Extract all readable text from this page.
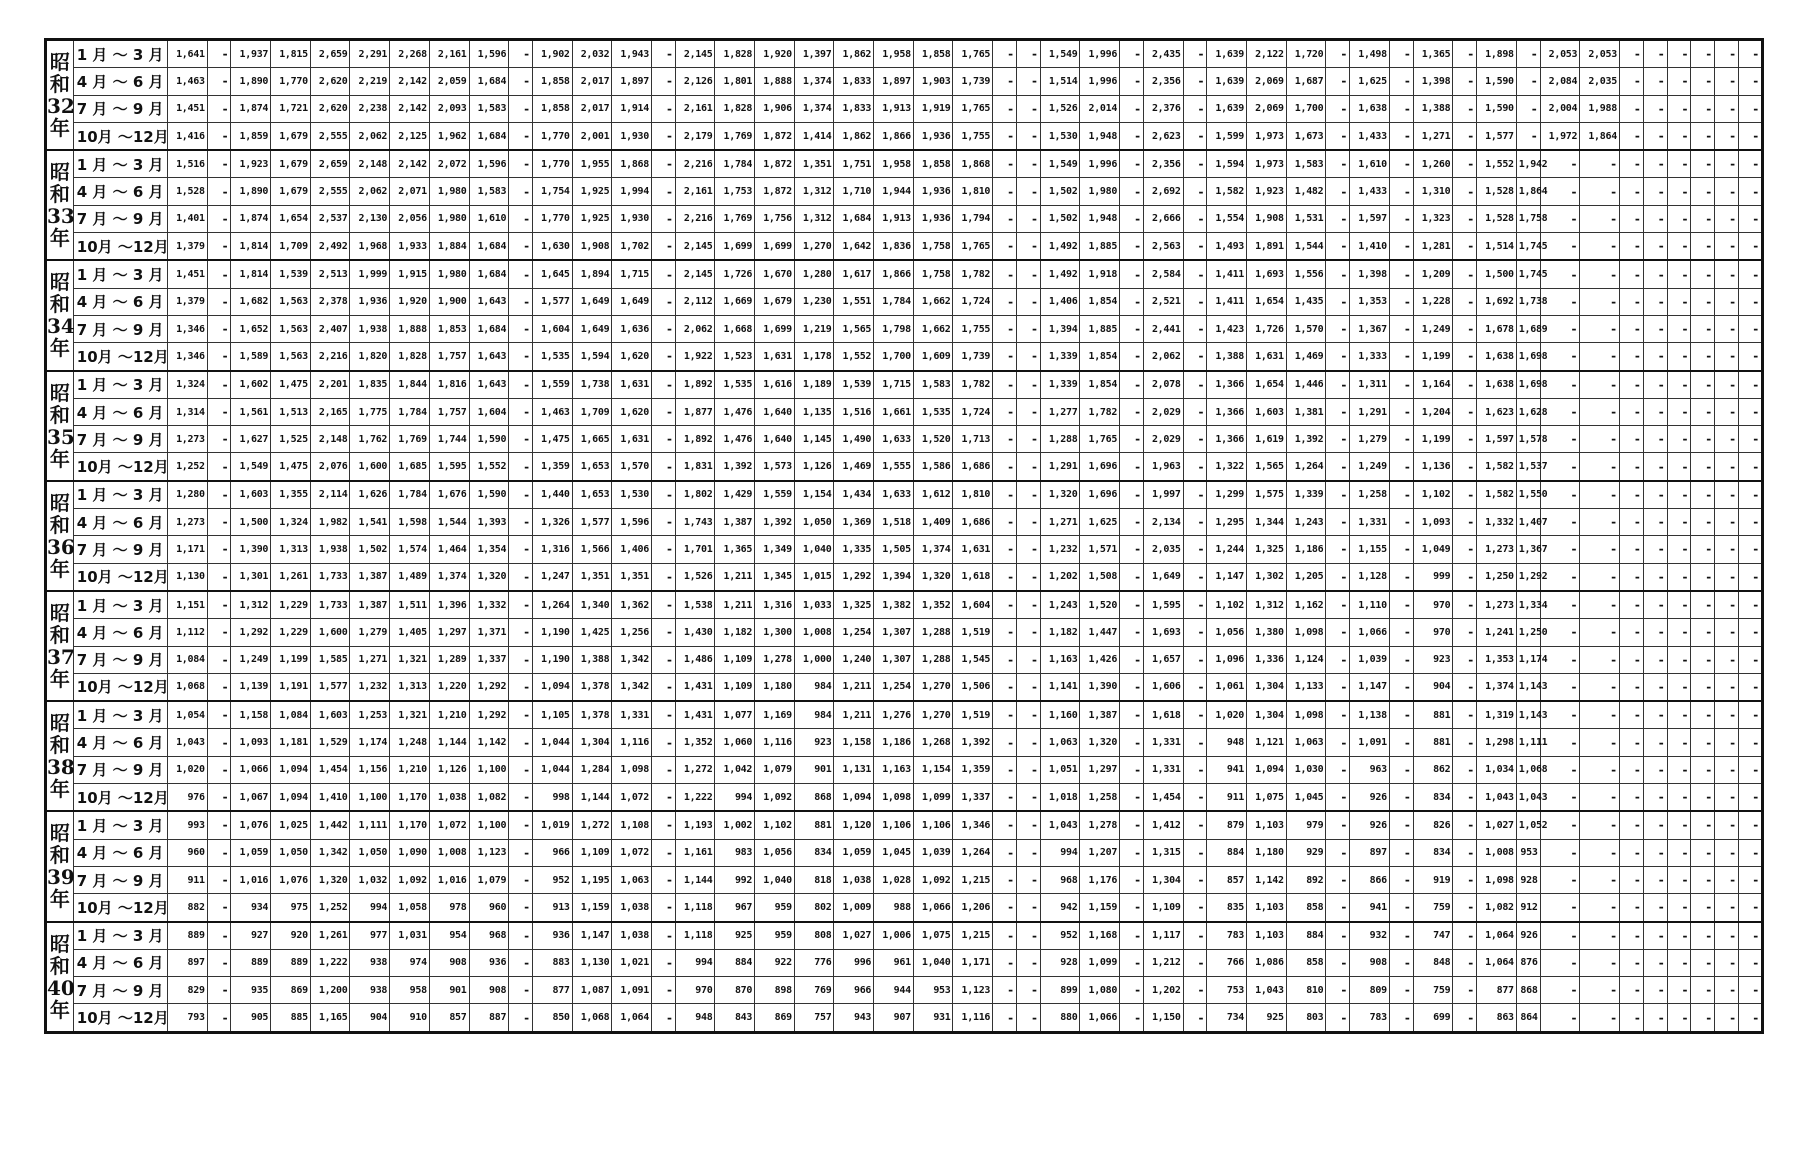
昭
和
32
年	1 月 ～ 3 月	1,641	-	1,937	1,815	2,659	2,291	2,268	2,161	1,596	-	1,902	2,032	1,943	-	2,145	1,828	1,920	1,397	1,862	1,958	1,858	1,765	-	-	1,549	1,996	-	2,435	-	1,639	2,122	1,720	-	1,498	-	1,365	-	1,898	-	2,053	2,053	-	-	-	-	-	-
	4 月 ～ 6 月	1,463	-	1,890	1,770	2,620	2,219	2,142	2,059	1,684	-	1,858	2,017	1,897	-	2,126	1,801	1,888	1,374	1,833	1,897	1,903	1,739	-	-	1,514	1,996	-	2,356	-	1,639	2,069	1,687	-	1,625	-	1,398	-	1,590	-	2,084	2,035	-	-	-	-	-	-
	7 月 ～ 9 月	1,451	-	1,874	1,721	2,620	2,238	2,142	2,093	1,583	-	1,858	2,017	1,914	-	2,161	1,828	1,906	1,374	1,833	1,913	1,919	1,765	-	-	1,526	2,014	-	2,376	-	1,639	2,069	1,700	-	1,638	-	1,388	-	1,590	-	2,004	1,988	-	-	-	-	-	-
	10月 ～12月	1,416	-	1,859	1,679	2,555	2,062	2,125	1,962	1,684	-	1,770	2,001	1,930	-	2,179	1,769	1,872	1,414	1,862	1,866	1,936	1,755	-	-	1,530	1,948	-	2,623	-	1,599	1,973	1,673	-	1,433	-	1,271	-	1,577	-	1,972	1,864	-	-	-	-	-	-

昭
和
33
年	1 月 ～ 3 月	1,516	-	1,923	1,679	2,659	2,148	2,142	2,072	1,596	-	1,770	1,955	1,868	-	2,216	1,784	1,872	1,351	1,751	1,958	1,858	1,868	-	-	1,549	1,996	-	2,356	-	1,594	1,973	1,583	-	1,610	-	1,260	-	1,552	1,942	-	-	-	-	-	-	-	-
	4 月 ～ 6 月	1,528	-	1,890	1,679	2,555	2,062	2,071	1,980	1,583	-	1,754	1,925	1,994	-	2,161	1,753	1,872	1,312	1,710	1,944	1,936	1,810	-	-	1,502	1,980	-	2,692	-	1,582	1,923	1,482	-	1,433	-	1,310	-	1,528	1,864	-	-	-	-	-	-	-	-
	7 月 ～ 9 月	1,401	-	1,874	1,654	2,537	2,130	2,056	1,980	1,610	-	1,770	1,925	1,930	-	2,216	1,769	1,756	1,312	1,684	1,913	1,936	1,794	-	-	1,502	1,948	-	2,666	-	1,554	1,908	1,531	-	1,597	-	1,323	-	1,528	1,758	-	-	-	-	-	-	-	-
	10月 ～12月	1,379	-	1,814	1,709	2,492	1,968	1,933	1,884	1,684	-	1,630	1,908	1,702	-	2,145	1,699	1,699	1,270	1,642	1,836	1,758	1,765	-	-	1,492	1,885	-	2,563	-	1,493	1,891	1,544	-	1,410	-	1,281	-	1,514	1,745	-	-	-	-	-	-	-	-

昭
和
34
年	1 月 ～ 3 月	1,451	-	1,814	1,539	2,513	1,999	1,915	1,980	1,684	-	1,645	1,894	1,715	-	2,145	1,726	1,670	1,280	1,617	1,866	1,758	1,782	-	-	1,492	1,918	-	2,584	-	1,411	1,693	1,556	-	1,398	-	1,209	-	1,500	1,745	-	-	-	-	-	-	-	-
	4 月 ～ 6 月	1,379	-	1,682	1,563	2,378	1,936	1,920	1,900	1,643	-	1,577	1,649	1,649	-	2,112	1,669	1,679	1,230	1,551	1,784	1,662	1,724	-	-	1,406	1,854	-	2,521	-	1,411	1,654	1,435	-	1,353	-	1,228	-	1,692	1,738	-	-	-	-	-	-	-	-
	7 月 ～ 9 月	1,346	-	1,652	1,563	2,407	1,938	1,888	1,853	1,684	-	1,604	1,649	1,636	-	2,062	1,668	1,699	1,219	1,565	1,798	1,662	1,755	-	-	1,394	1,885	-	2,441	-	1,423	1,726	1,570	-	1,367	-	1,249	-	1,678	1,689	-	-	-	-	-	-	-	-
	10月 ～12月	1,346	-	1,589	1,563	2,216	1,820	1,828	1,757	1,643	-	1,535	1,594	1,620	-	1,922	1,523	1,631	1,178	1,552	1,700	1,609	1,739	-	-	1,339	1,854	-	2,062	-	1,388	1,631	1,469	-	1,333	-	1,199	-	1,638	1,698	-	-	-	-	-	-	-	-

昭
和
35
年	1 月 ～ 3 月	1,324	-	1,602	1,475	2,201	1,835	1,844	1,816	1,643	-	1,559	1,738	1,631	-	1,892	1,535	1,616	1,189	1,539	1,715	1,583	1,782	-	-	1,339	1,854	-	2,078	-	1,366	1,654	1,446	-	1,311	-	1,164	-	1,638	1,698	-	-	-	-	-	-	-	-
	4 月 ～ 6 月	1,314	-	1,561	1,513	2,165	1,775	1,784	1,757	1,604	-	1,463	1,709	1,620	-	1,877	1,476	1,640	1,135	1,516	1,661	1,535	1,724	-	-	1,277	1,782	-	2,029	-	1,366	1,603	1,381	-	1,291	-	1,204	-	1,623	1,628	-	-	-	-	-	-	-	-
	7 月 ～ 9 月	1,273	-	1,627	1,525	2,148	1,762	1,769	1,744	1,590	-	1,475	1,665	1,631	-	1,892	1,476	1,640	1,145	1,490	1,633	1,520	1,713	-	-	1,288	1,765	-	2,029	-	1,366	1,619	1,392	-	1,279	-	1,199	-	1,597	1,578	-	-	-	-	-	-	-	-
	10月 ～12月	1,252	-	1,549	1,475	2,076	1,600	1,685	1,595	1,552	-	1,359	1,653	1,570	-	1,831	1,392	1,573	1,126	1,469	1,555	1,586	1,686	-	-	1,291	1,696	-	1,963	-	1,322	1,565	1,264	-	1,249	-	1,136	-	1,582	1,537	-	-	-	-	-	-	-	-

昭
和
36
年	1 月 ～ 3 月	1,280	-	1,603	1,355	2,114	1,626	1,784	1,676	1,590	-	1,440	1,653	1,530	-	1,802	1,429	1,559	1,154	1,434	1,633	1,612	1,810	-	-	1,320	1,696	-	1,997	-	1,299	1,575	1,339	-	1,258	-	1,102	-	1,582	1,550	-	-	-	-	-	-	-	-
	4 月 ～ 6 月	1,273	-	1,500	1,324	1,982	1,541	1,598	1,544	1,393	-	1,326	1,577	1,596	-	1,743	1,387	1,392	1,050	1,369	1,518	1,409	1,686	-	-	1,271	1,625	-	2,134	-	1,295	1,344	1,243	-	1,331	-	1,093	-	1,332	1,407	-	-	-	-	-	-	-	-
	7 月 ～ 9 月	1,171	-	1,390	1,313	1,938	1,502	1,574	1,464	1,354	-	1,316	1,566	1,406	-	1,701	1,365	1,349	1,040	1,335	1,505	1,374	1,631	-	-	1,232	1,571	-	2,035	-	1,244	1,325	1,186	-	1,155	-	1,049	-	1,273	1,367	-	-	-	-	-	-	-	-
	10月 ～12月	1,130	-	1,301	1,261	1,733	1,387	1,489	1,374	1,320	-	1,247	1,351	1,351	-	1,526	1,211	1,345	1,015	1,292	1,394	1,320	1,618	-	-	1,202	1,508	-	1,649	-	1,147	1,302	1,205	-	1,128	-	999	-	1,250	1,292	-	-	-	-	-	-	-	-

昭
和
37
年	1 月 ～ 3 月	1,151	-	1,312	1,229	1,733	1,387	1,511	1,396	1,332	-	1,264	1,340	1,362	-	1,538	1,211	1,316	1,033	1,325	1,382	1,352	1,604	-	-	1,243	1,520	-	1,595	-	1,102	1,312	1,162	-	1,110	-	970	-	1,273	1,334	-	-	-	-	-	-	-	-
	4 月 ～ 6 月	1,112	-	1,292	1,229	1,600	1,279	1,405	1,297	1,371	-	1,190	1,425	1,256	-	1,430	1,182	1,300	1,008	1,254	1,307	1,288	1,519	-	-	1,182	1,447	-	1,693	-	1,056	1,380	1,098	-	1,066	-	970	-	1,241	1,250	-	-	-	-	-	-	-	-
	7 月 ～ 9 月	1,084	-	1,249	1,199	1,585	1,271	1,321	1,289	1,337	-	1,190	1,388	1,342	-	1,486	1,109	1,278	1,000	1,240	1,307	1,288	1,545	-	-	1,163	1,426	-	1,657	-	1,096	1,336	1,124	-	1,039	-	923	-	1,353	1,174	-	-	-	-	-	-	-	-
	10月 ～12月	1,068	-	1,139	1,191	1,577	1,232	1,313	1,220	1,292	-	1,094	1,378	1,342	-	1,431	1,109	1,180	984	1,211	1,254	1,270	1,506	-	-	1,141	1,390	-	1,606	-	1,061	1,304	1,133	-	1,147	-	904	-	1,374	1,143	-	-	-	-	-	-	-	-

昭
和
38
年	1 月 ～ 3 月	1,054	-	1,158	1,084	1,603	1,253	1,321	1,210	1,292	-	1,105	1,378	1,331	-	1,431	1,077	1,169	984	1,211	1,276	1,270	1,519	-	-	1,160	1,387	-	1,618	-	1,020	1,304	1,098	-	1,138	-	881	-	1,319	1,143	-	-	-	-	-	-	-	-
	4 月 ～ 6 月	1,043	-	1,093	1,181	1,529	1,174	1,248	1,144	1,142	-	1,044	1,304	1,116	-	1,352	1,060	1,116	923	1,158	1,186	1,268	1,392	-	-	1,063	1,320	-	1,331	-	948	1,121	1,063	-	1,091	-	881	-	1,298	1,111	-	-	-	-	-	-	-	-
	7 月 ～ 9 月	1,020	-	1,066	1,094	1,454	1,156	1,210	1,126	1,100	-	1,044	1,284	1,098	-	1,272	1,042	1,079	901	1,131	1,163	1,154	1,359	-	-	1,051	1,297	-	1,331	-	941	1,094	1,030	-	963	-	862	-	1,034	1,068	-	-	-	-	-	-	-	-
	10月 ～12月	976	-	1,067	1,094	1,410	1,100	1,170	1,038	1,082	-	998	1,144	1,072	-	1,222	994	1,092	868	1,094	1,098	1,099	1,337	-	-	1,018	1,258	-	1,454	-	911	1,075	1,045	-	926	-	834	-	1,043	1,043	-	-	-	-	-	-	-	-

昭
和
39
年	1 月 ～ 3 月	993	-	1,076	1,025	1,442	1,111	1,170	1,072	1,100	-	1,019	1,272	1,108	-	1,193	1,002	1,102	881	1,120	1,106	1,106	1,346	-	-	1,043	1,278	-	1,412	-	879	1,103	979	-	926	-	826	-	1,027	1,052	-	-	-	-	-	-	-	-
	4 月 ～ 6 月	960	-	1,059	1,050	1,342	1,050	1,090	1,008	1,123	-	966	1,109	1,072	-	1,161	983	1,056	834	1,059	1,045	1,039	1,264	-	-	994	1,207	-	1,315	-	884	1,180	929	-	897	-	834	-	1,008	953	-	-	-	-	-	-	-	-
	7 月 ～ 9 月	911	-	1,016	1,076	1,320	1,032	1,092	1,016	1,079	-	952	1,195	1,063	-	1,144	992	1,040	818	1,038	1,028	1,092	1,215	-	-	968	1,176	-	1,304	-	857	1,142	892	-	866	-	919	-	1,098	928	-	-	-	-	-	-	-	-
	10月 ～12月	882	-	934	975	1,252	994	1,058	978	960	-	913	1,159	1,038	-	1,118	967	959	802	1,009	988	1,066	1,206	-	-	942	1,159	-	1,109	-	835	1,103	858	-	941	-	759	-	1,082	912	-	-	-	-	-	-	-	-

昭
和
40
年	1 月 ～ 3 月	889	-	927	920	1,261	977	1,031	954	968	-	936	1,147	1,038	-	1,118	925	959	808	1,027	1,006	1,075	1,215	-	-	952	1,168	-	1,117	-	783	1,103	884	-	932	-	747	-	1,064	926	-	-	-	-	-	-	-	-
	4 月 ～ 6 月	897	-	889	889	1,222	938	974	908	936	-	883	1,130	1,021	-	994	884	922	776	996	961	1,040	1,171	-	-	928	1,099	-	1,212	-	766	1,086	858	-	908	-	848	-	1,064	876	-	-	-	-	-	-	-	-
	7 月 ～ 9 月	829	-	935	869	1,200	938	958	901	908	-	877	1,087	1,091	-	970	870	898	769	966	944	953	1,123	-	-	899	1,080	-	1,202	-	753	1,043	810	-	809	-	759	-	877	868	-	-	-	-	-	-	-	-
	10月 ～12月	793	-	905	885	1,165	904	910	857	887	-	850	1,068	1,064	-	948	843	869	757	943	907	931	1,116	-	-	880	1,066	-	1,150	-	734	925	803	-	783	-	699	-	863	864	-	-	-	-	-	-	-	-
